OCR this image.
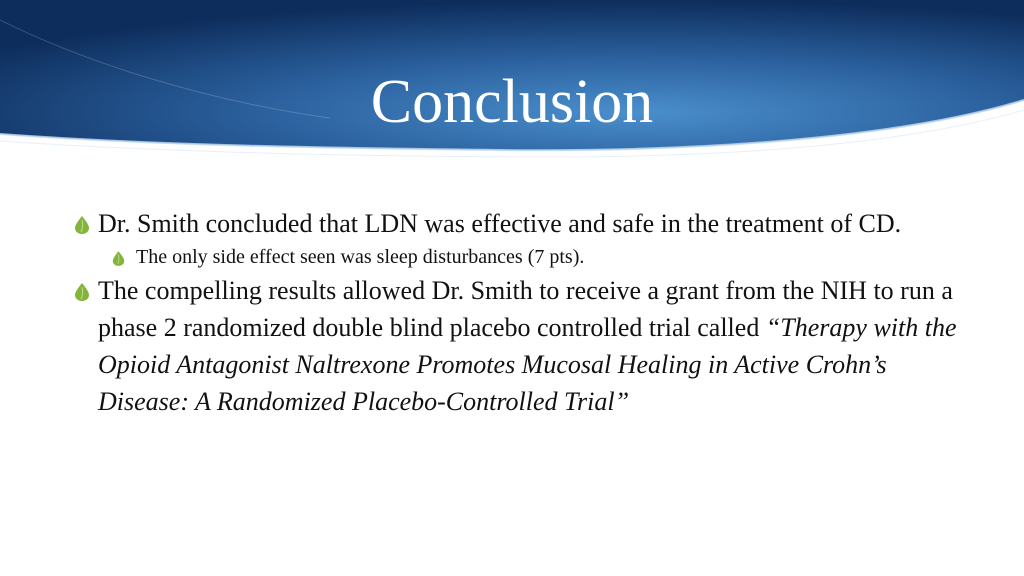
Conclusion
Dr. Smith concluded that LDN was effective and safe in the treatment of CD.
The only side effect seen was sleep disturbances (7 pts).
The compelling results allowed Dr. Smith to receive a grant from the NIH to run a phase 2 randomized double blind placebo controlled trial called “Therapy with the Opioid Antagonist Naltrexone Promotes Mucosal Healing in Active Crohn’s Disease: A Randomized Placebo-Controlled Trial”
